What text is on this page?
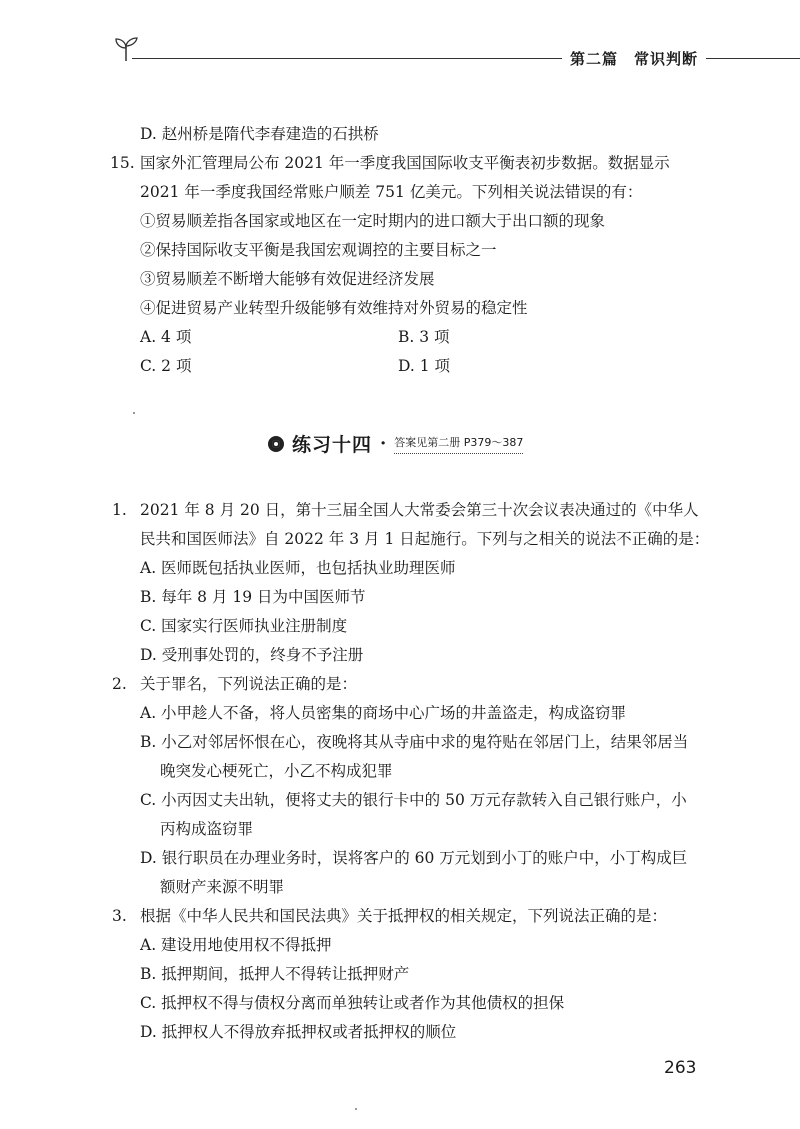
第二篇　常识判断
D. 赵州桥是隋代李春建造的石拱桥
15. 国家外汇管理局公布 2021 年一季度我国国际收支平衡表初步数据。数据显示
2021 年一季度我国经常账户顺差 751 亿美元。下列相关说法错误的有：
①贸易顺差指各国家或地区在一定时期内的进口额大于出口额的现象
②保持国际收支平衡是我国宏观调控的主要目标之一
③贸易顺差不断增大能够有效促进经济发展
④促进贸易产业转型升级能够有效维持对外贸易的稳定性
A. 4 项	B. 3 项
C. 2 项	D. 1 项
练习十四 · 答案见第二册 P379～387
1. 2021 年 8 月 20 日，第十三届全国人大常委会第三十次会议表决通过的《中华人
民共和国医师法》自 2022 年 3 月 1 日起施行。下列与之相关的说法不正确的是：
A. 医师既包括执业医师，也包括执业助理医师
B. 每年 8 月 19 日为中国医师节
C. 国家实行医师执业注册制度
D. 受刑事处罚的，终身不予注册
2. 关于罪名，下列说法正确的是：
A. 小甲趁人不备，将人员密集的商场中心广场的井盖盗走，构成盗窃罪
B. 小乙对邻居怀恨在心，夜晚将其从寺庙中求的鬼符贴在邻居门上，结果邻居当
晚突发心梗死亡，小乙不构成犯罪
C. 小丙因丈夫出轨，便将丈夫的银行卡中的 50 万元存款转入自己银行账户，小
丙构成盗窃罪
D. 银行职员在办理业务时，误将客户的 60 万元划到小丁的账户中，小丁构成巨
额财产来源不明罪
3. 根据《中华人民共和国民法典》关于抵押权的相关规定，下列说法正确的是：
A. 建设用地使用权不得抵押
B. 抵押期间，抵押人不得转让抵押财产
C. 抵押权不得与债权分离而单独转让或者作为其他债权的担保
D. 抵押权人不得放弃抵押权或者抵押权的顺位
263
